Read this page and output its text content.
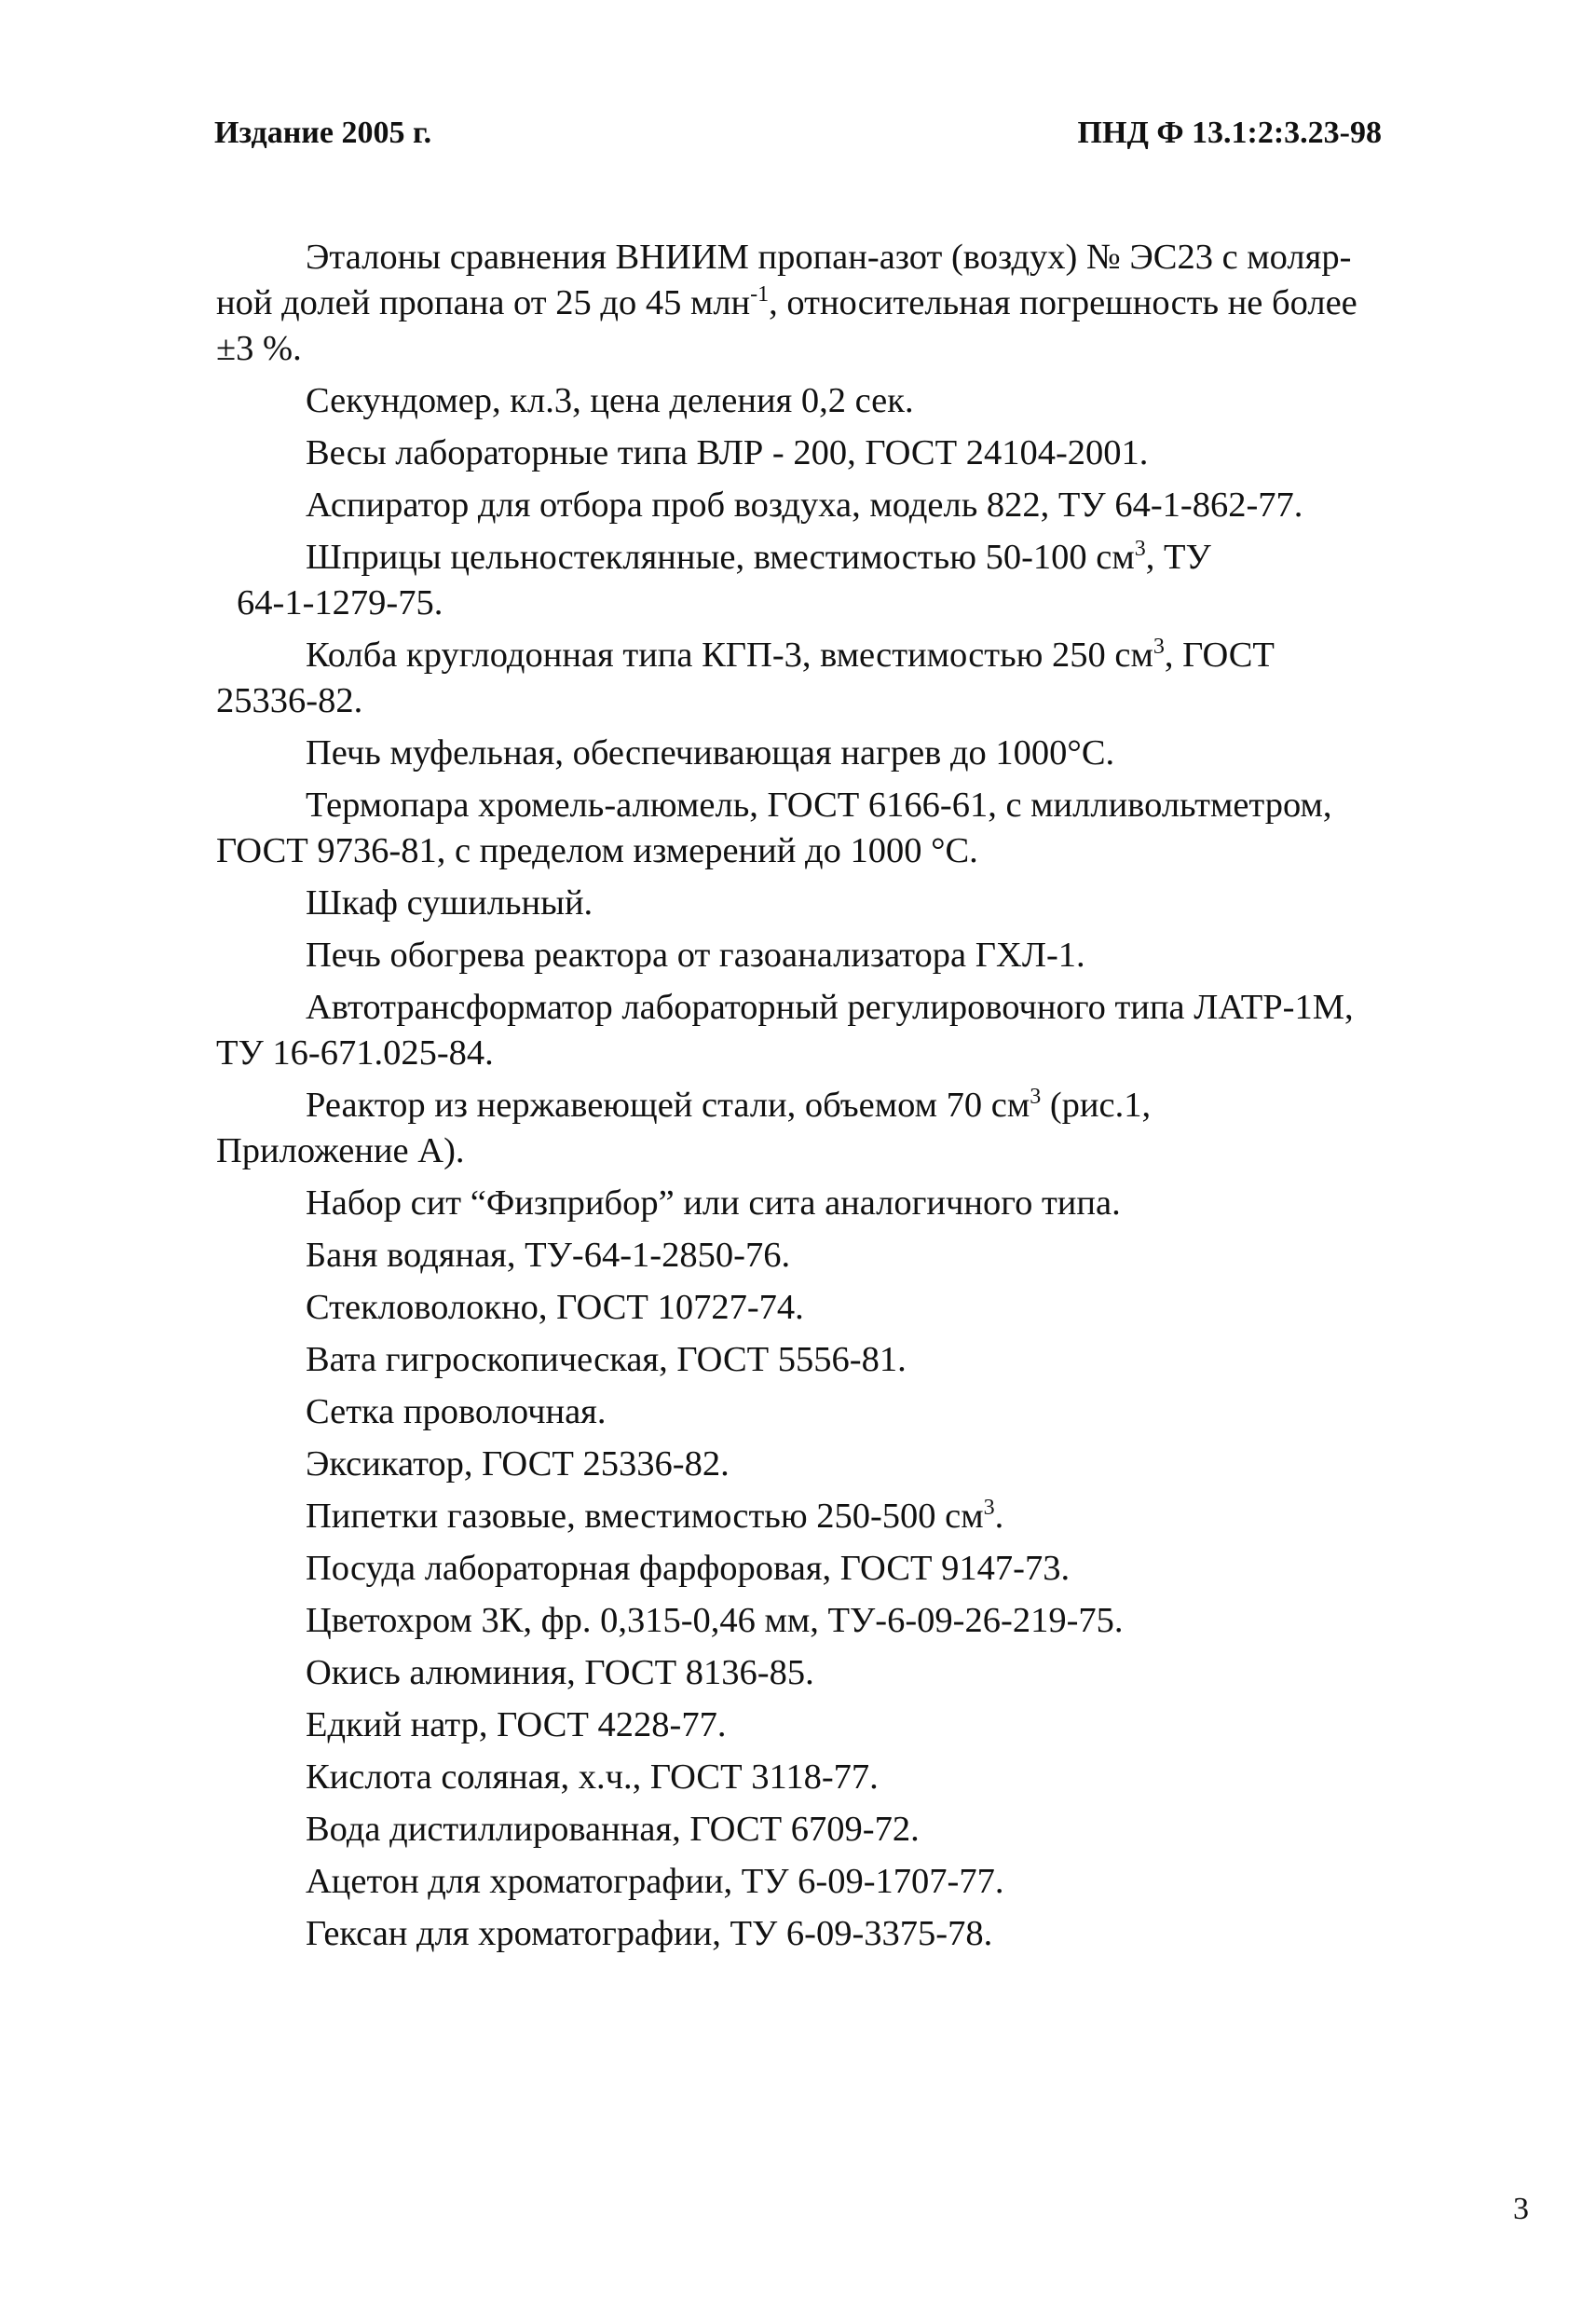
Издание 2005 г.	ПНД Ф 13.1:2:3.23-98
Эталоны сравнения ВНИИМ пропан-азот (воздух) № ЭС23 с моляр-
ной долей пропана от 25 до 45 млн$^{-1}$, относительная погрешность не более
±3 %.
Секундомер, кл.3, цена деления 0,2 сек.
Весы лабораторные типа ВЛР - 200, ГОСТ 24104-2001.
Аспиратор для отбора проб воздуха, модель 822, ТУ 64-1-862-77.
Шприцы цельностеклянные, вместимостью 50-100 $см^3$, ТУ
64-1-1279-75.
Колба круглодонная типа КГП-3, вместимостью 250 $см^3$, ГОСТ
25336-82.
Печь муфельная, обеспечивающая нагрев до 1000°С.
Термопара хромель-алюмель, ГОСТ 6166-61, с милливольтметром,
ГОСТ 9736-81, с пределом измерений до 1000 °С.
Шкаф сушильный.
Печь обогрева реактора от газоанализатора ГХЛ-1.
Автотрансформатор лабораторный регулировочного типа ЛАТР-1М,
ТУ 16-671.025-84.
Реактор из нержавеющей стали, объемом 70 $см^3$ (рис.1,
Приложение А).
Набор сит “Физприбор” или сита аналогичного типа.
Баня водяная, ТУ-64-1-2850-76.
Стекловолокно, ГОСТ 10727-74.
Вата гигроскопическая, ГОСТ 5556-81.
Сетка проволочная.
Эксикатор, ГОСТ 25336-82.
Пипетки газовые, вместимостью 250-500 $см^3$.
Посуда лабораторная фарфоровая, ГОСТ 9147-73.
Цветохром 3К, фр. 0,315-0,46 мм, ТУ-6-09-26-219-75.
Окись алюминия, ГОСТ 8136-85.
Едкий натр, ГОСТ 4228-77.
Кислота соляная, х.ч., ГОСТ 3118-77.
Вода дистиллированная, ГОСТ 6709-72.
Ацетон для хроматографии, ТУ 6-09-1707-77.
Гексан для хроматографии, ТУ 6-09-3375-78.
3
